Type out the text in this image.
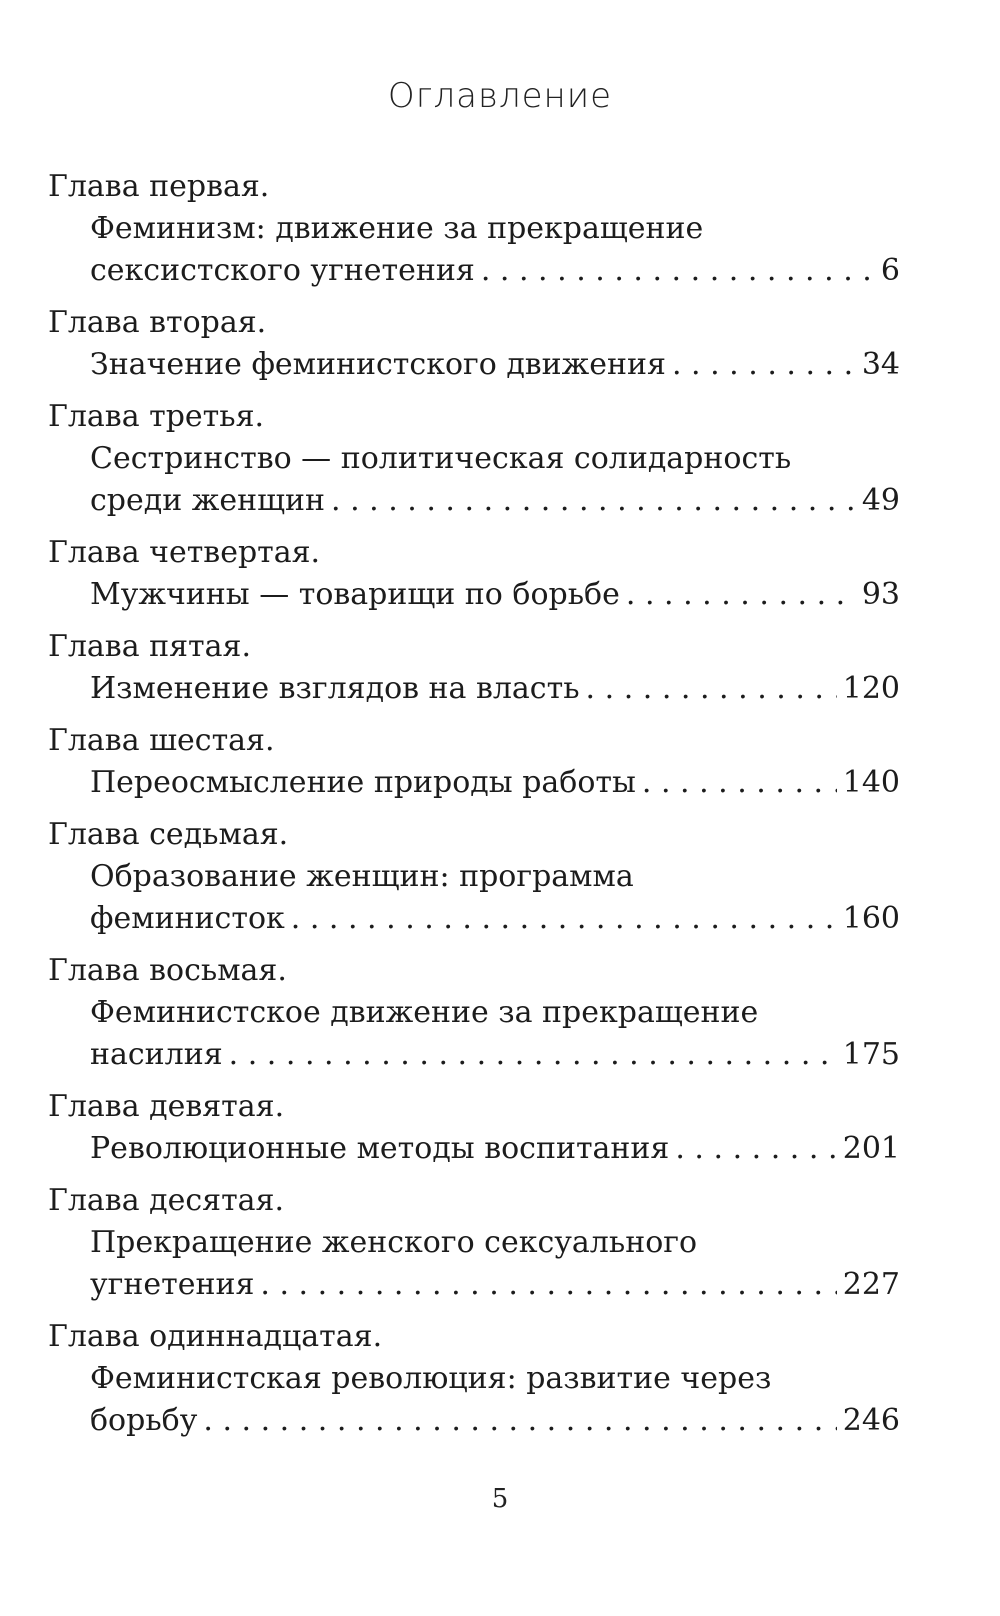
Оглавление
Глава первая.
Феминизм: движение за прекращение
сексистского угнетения . . .	6
Глава вторая.
Значение феминистского движения . . .	34
Глава третья.
Сестринство — политическая солидарность
среди женщин . . .	49
Глава четвертая.
Мужчины — товарищи по борьбе . . .	93
Глава пятая.
Изменение взглядов на власть . . .	120
Глава шестая.
Переосмысление природы работы . . .	140
Глава седьмая.
Образование женщин: программа
феминисток . . .	160
Глава восьмая.
Феминистское движение за прекращение
насилия . . .	175
Глава девятая.
Революционные методы воспитания . . .	201
Глава десятая.
Прекращение женского сексуального
угнетения . . .	227
Глава одиннадцатая.
Феминистская революция: развитие через
борьбу . . .	246
5
